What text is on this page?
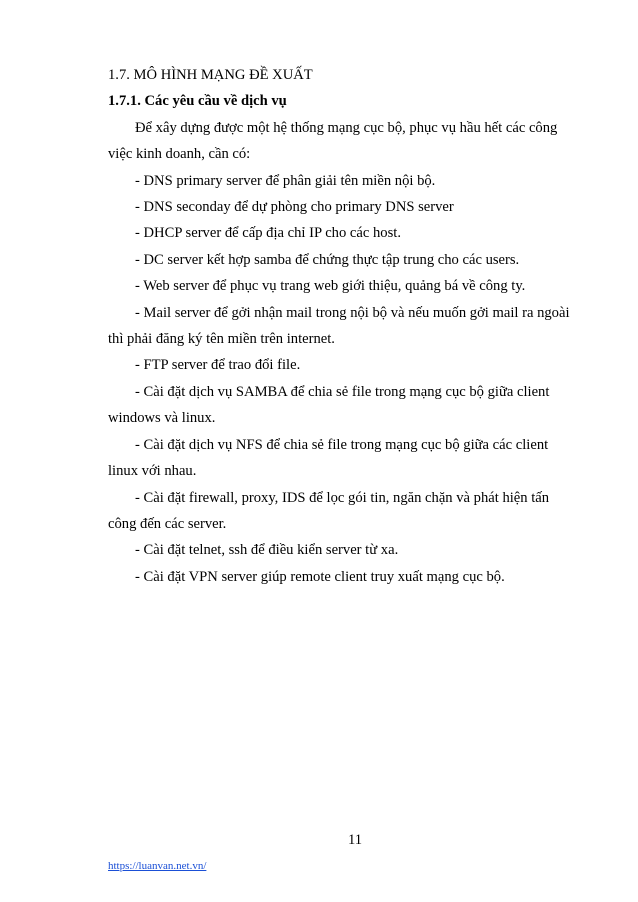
1.7. MÔ HÌNH MẠNG ĐỀ XUẤT
1.7.1. Các yêu cầu về dịch vụ
Để xây dựng được một hệ thống mạng cục bộ, phục vụ hầu hết các công
việc kinh doanh, cần có:
- DNS primary server để phân giải tên miền nội bộ.
- DNS seconday để dự phòng cho primary DNS server
- DHCP server để cấp địa chỉ IP cho các host.
- DC server kết hợp samba để chứng thực tập trung cho các users.
- Web server để phục vụ trang web giới thiệu, quảng bá về công ty.
- Mail server để gởi nhận mail trong nội bộ và nếu muốn gởi mail ra ngoài
thì phải đăng ký tên miền trên internet.
- FTP server để trao đổi file.
- Cài đặt dịch vụ SAMBA để chia sẻ file trong mạng cục bộ giữa client
windows và linux.
- Cài đặt dịch vụ NFS để chia sẻ file trong mạng cục bộ giữa các client
linux với nhau.
- Cài đặt firewall, proxy, IDS để lọc gói tin, ngăn chặn và phát hiện tấn
công đến các server.
- Cài đặt telnet, ssh để điều kiển server từ xa.
- Cài đặt VPN server giúp remote client truy xuất mạng cục bộ.
11
https://luanvan.net.vn/
